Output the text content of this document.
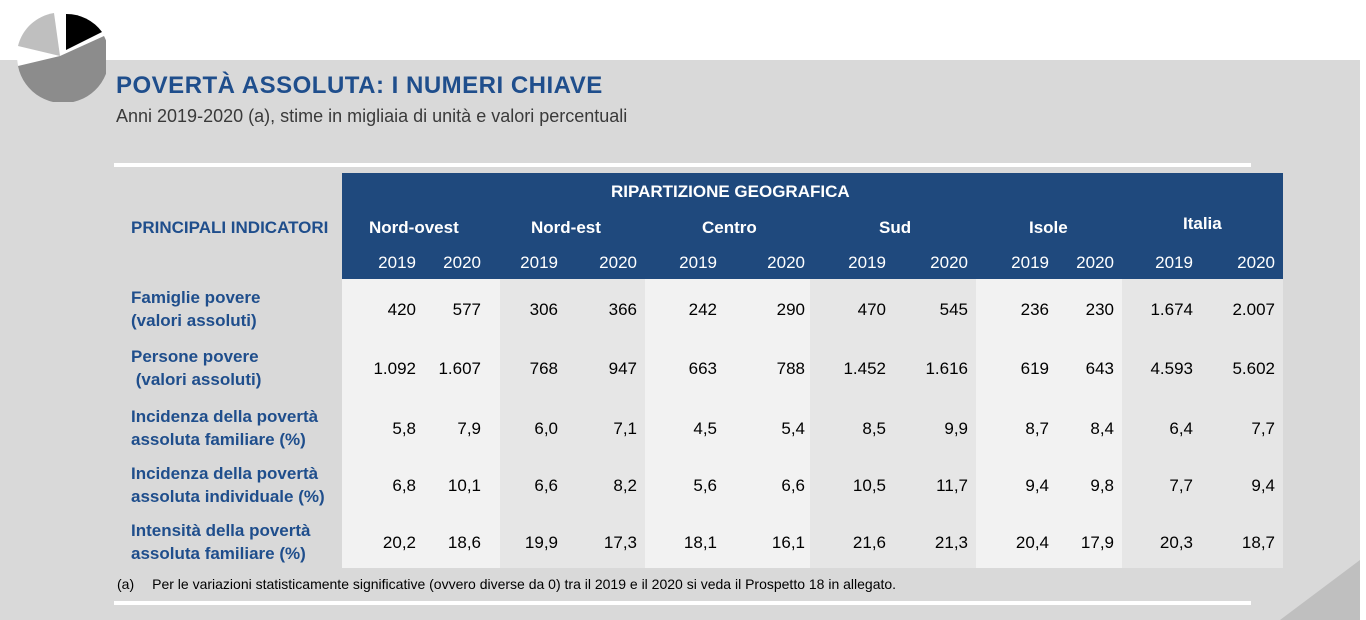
POVERTÀ ASSOLUTA: I NUMERI CHIAVE

Anni 2019-2020 (a), stime in migliaia di unità e valori percentuali

PRINCIPALI INDICATORI
RIPARTIZIONE GEOGRAFICA
Nord-ovest	Nord-est	Centro	Sud	Isole	Italia
2019	2020	2019	2020	2019	2020	2019	2020	2019	2020	2019	2020
Famiglie povere
(valori assoluti)
420	577	306	366	242	290	470	545	236	230	1.674	2.007
Persone povere
(valori assoluti)
1.092	1.607	768	947	663	788	1.452	1.616	619	643	4.593	5.602
Incidenza della povertà
assoluta familiare (%)
5,8	7,9	6,0	7,1	4,5	5,4	8,5	9,9	8,7	8,4	6,4	7,7
Incidenza della povertà
assoluta individuale (%)
6,8	10,1	6,6	8,2	5,6	6,6	10,5	11,7	9,4	9,8	7,7	9,4
Intensità della povertà
assoluta familiare (%)
20,2	18,6	19,9	17,3	18,1	16,1	21,6	21,3	20,4	17,9	20,3	18,7
(a) Per le variazioni statisticamente significative (ovvero diverse da 0) tra il 2019 e il 2020 si veda il Prospetto 18 in allegato.
